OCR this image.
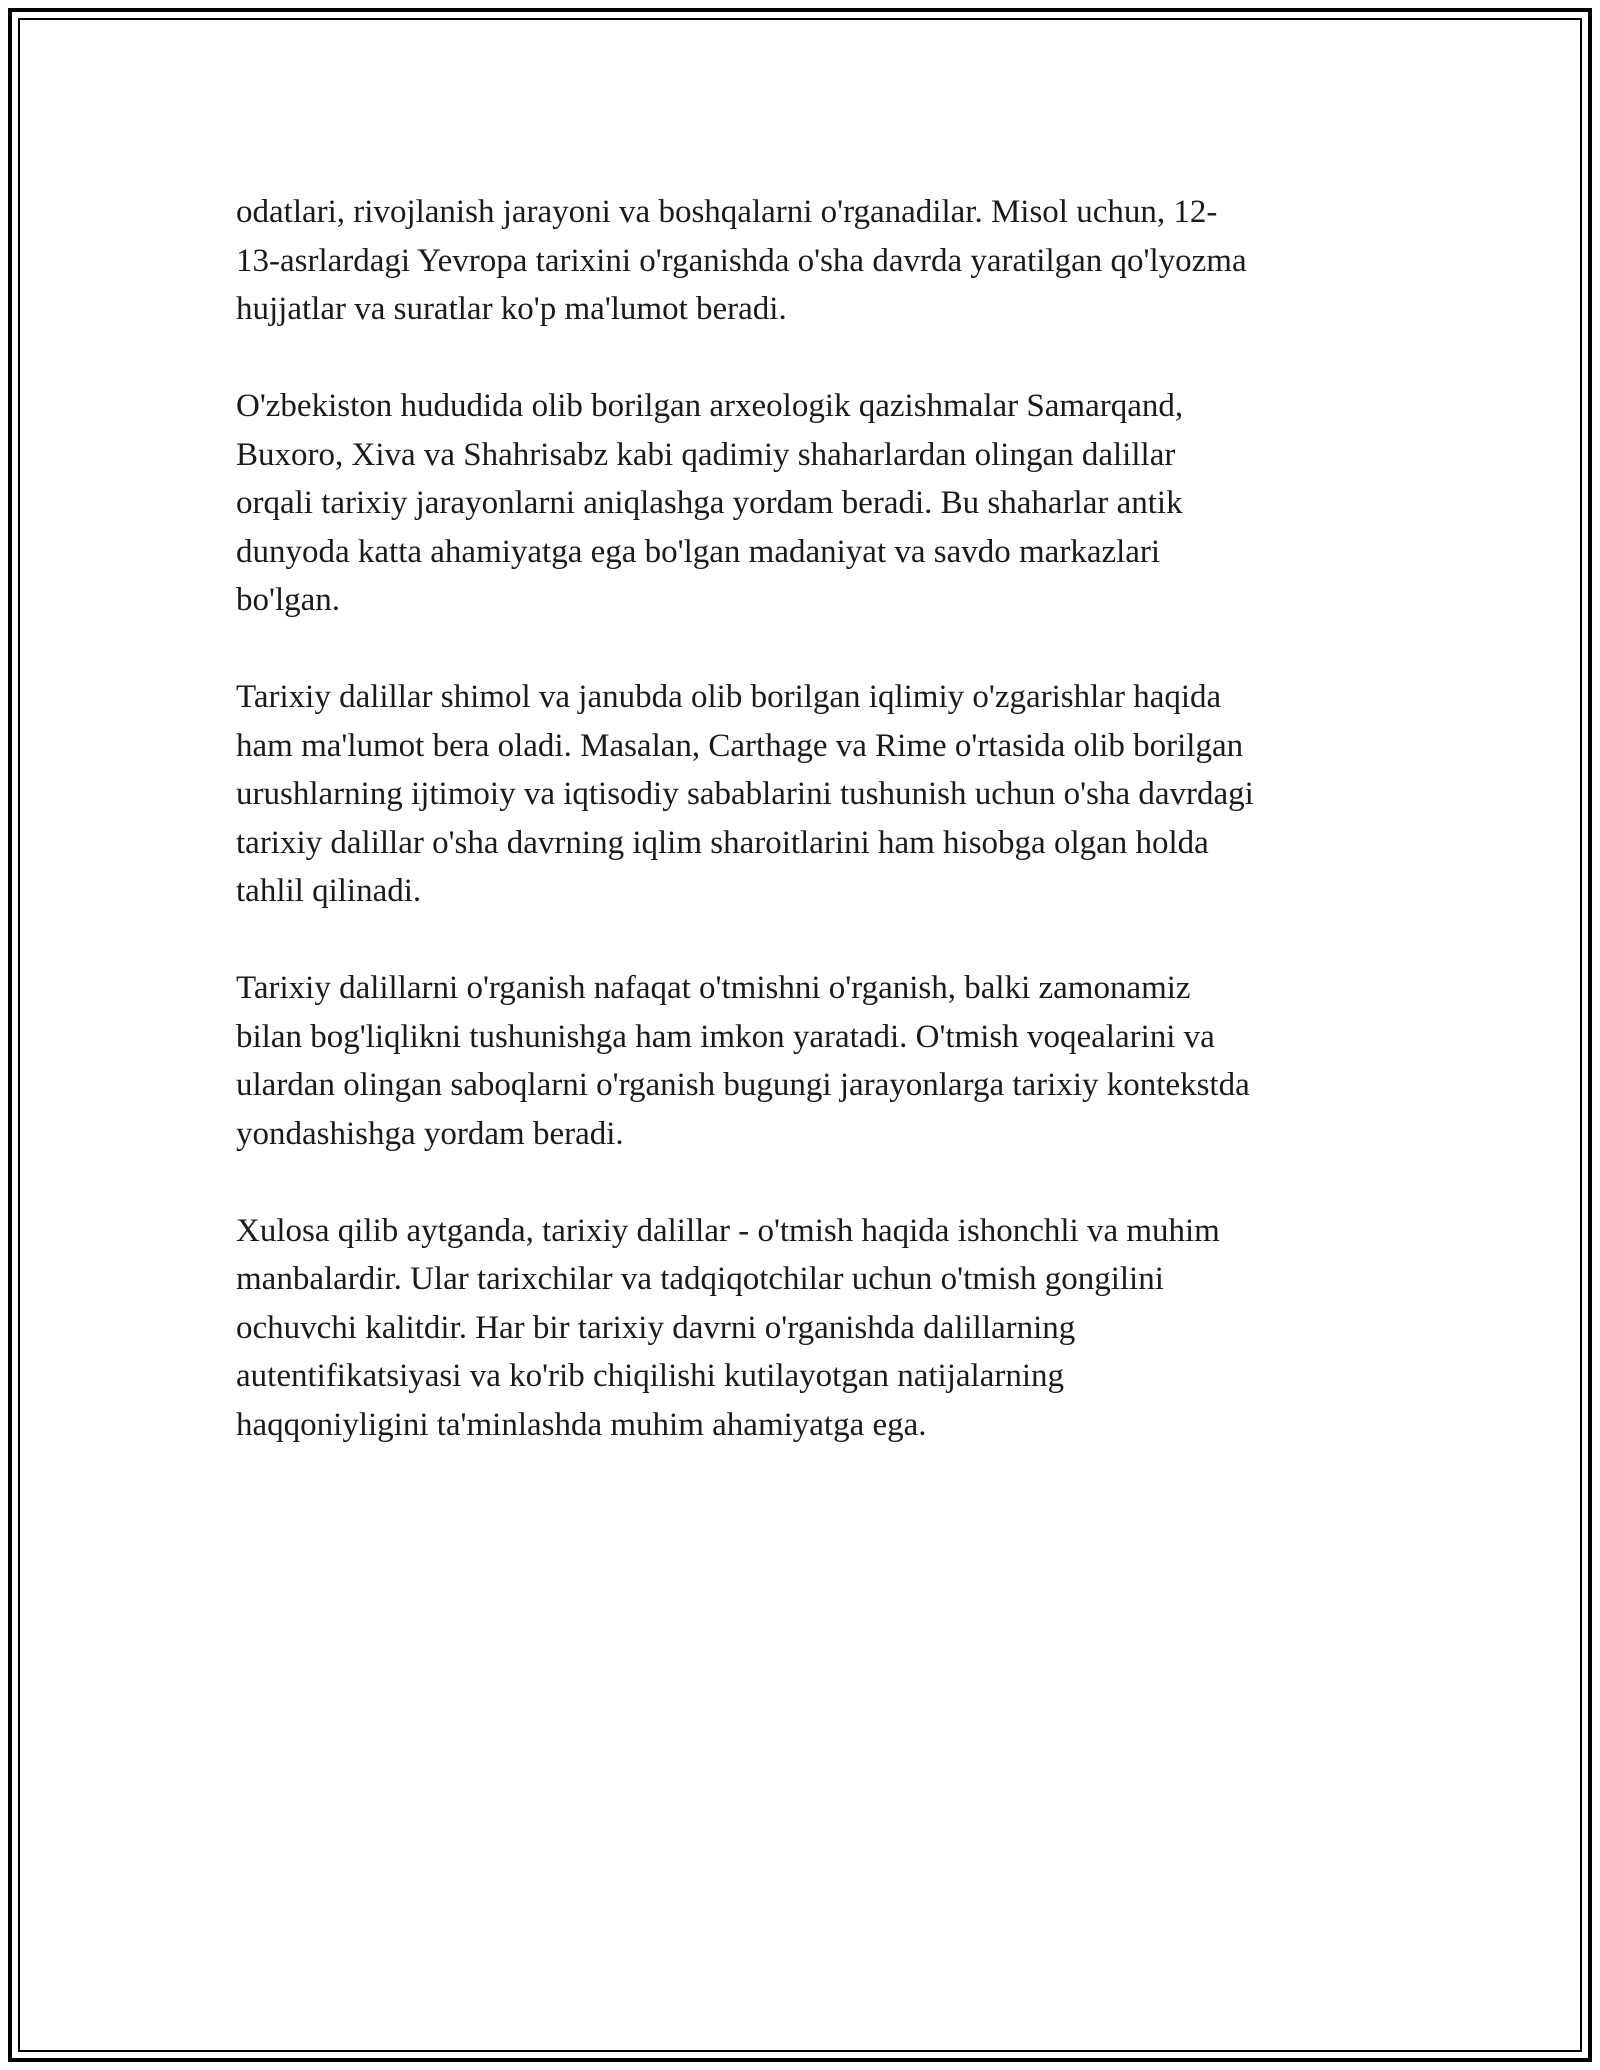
odatlari, rivojlanish jarayoni va boshqalarni o'rganadilar. Misol uchun, 12-
13-asrlardagi Yevropa tarixini o'rganishda o'sha davrda yaratilgan qo'lyozma
hujjatlar va suratlar ko'p ma'lumot beradi.

O'zbekiston hududida olib borilgan arxeologik qazishmalar Samarqand,
Buxoro, Xiva va Shahrisabz kabi qadimiy shaharlardan olingan dalillar
orqali tarixiy jarayonlarni aniqlashga yordam beradi. Bu shaharlar antik
dunyoda katta ahamiyatga ega bo'lgan madaniyat va savdo markazlari
bo'lgan.

Tarixiy dalillar shimol va janubda olib borilgan iqlimiy o'zgarishlar haqida
ham ma'lumot bera oladi. Masalan, Carthage va Rime o'rtasida olib borilgan
urushlarning ijtimoiy va iqtisodiy sabablarini tushunish uchun o'sha davrdagi
tarixiy dalillar o'sha davrning iqlim sharoitlarini ham hisobga olgan holda
tahlil qilinadi.

Tarixiy dalillarni o'rganish nafaqat o'tmishni o'rganish, balki zamonamiz
bilan bog'liqlikni tushunishga ham imkon yaratadi. O'tmish voqealarini va
ulardan olingan saboqlarni o'rganish bugungi jarayonlarga tarixiy kontekstda
yondashishga yordam beradi.

Xulosa qilib aytganda, tarixiy dalillar - o'tmish haqida ishonchli va muhim
manbalardir. Ular tarixchilar va tadqiqotchilar uchun o'tmish gongilini
ochuvchi kalitdir. Har bir tarixiy davrni o'rganishda dalillarning
autentifikatsiyasi va ko'rib chiqilishi kutilayotgan natijalarning
haqqoniyligini ta'minlashda muhim ahamiyatga ega.
